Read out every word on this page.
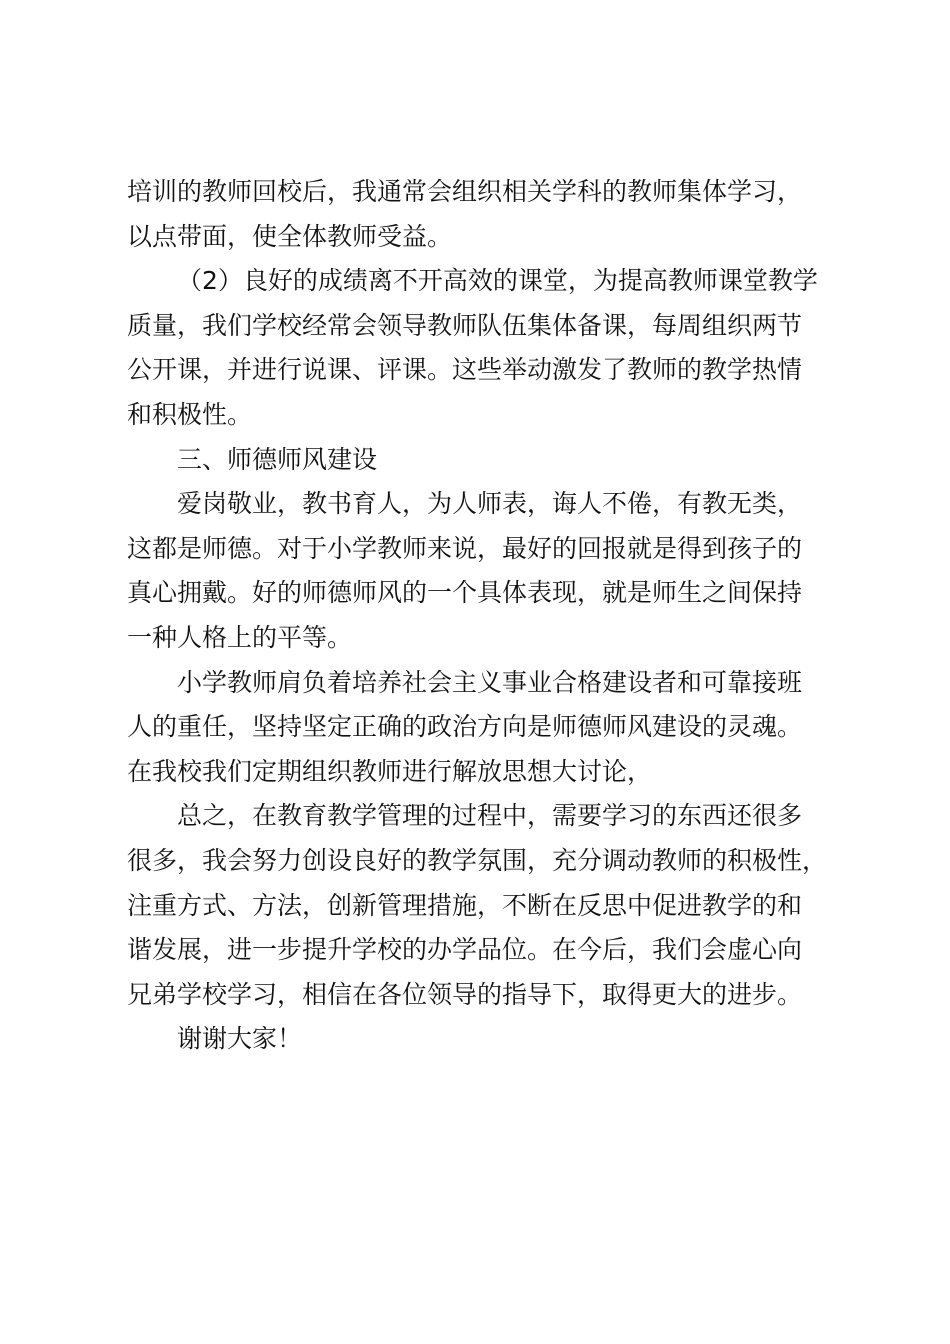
培训的教师回校后，我通常会组织相关学科的教师集体学习，
以点带面，使全体教师受益。

（2）良好的成绩离不开高效的课堂，为提高教师课堂教学
质量，我们学校经常会领导教师队伍集体备课，每周组织两节
公开课，并进行说课、评课。这些举动激发了教师的教学热情
和积极性。

三、师德师风建设

爱岗敬业，教书育人，为人师表，诲人不倦，有教无类，
这都是师德。对于小学教师来说，最好的回报就是得到孩子的
真心拥戴。好的师德师风的一个具体表现，就是师生之间保持
一种人格上的平等。

小学教师肩负着培养社会主义事业合格建设者和可靠接班
人的重任，坚持坚定正确的政治方向是师德师风建设的灵魂。
在我校我们定期组织教师进行解放思想大讨论，

总之，在教育教学管理的过程中，需要学习的东西还很多
很多，我会努力创设良好的教学氛围，充分调动教师的积极性，
注重方式、方法，创新管理措施，不断在反思中促进教学的和
谐发展，进一步提升学校的办学品位。在今后，我们会虚心向
兄弟学校学习，相信在各位领导的指导下，取得更大的进步。

谢谢大家！
